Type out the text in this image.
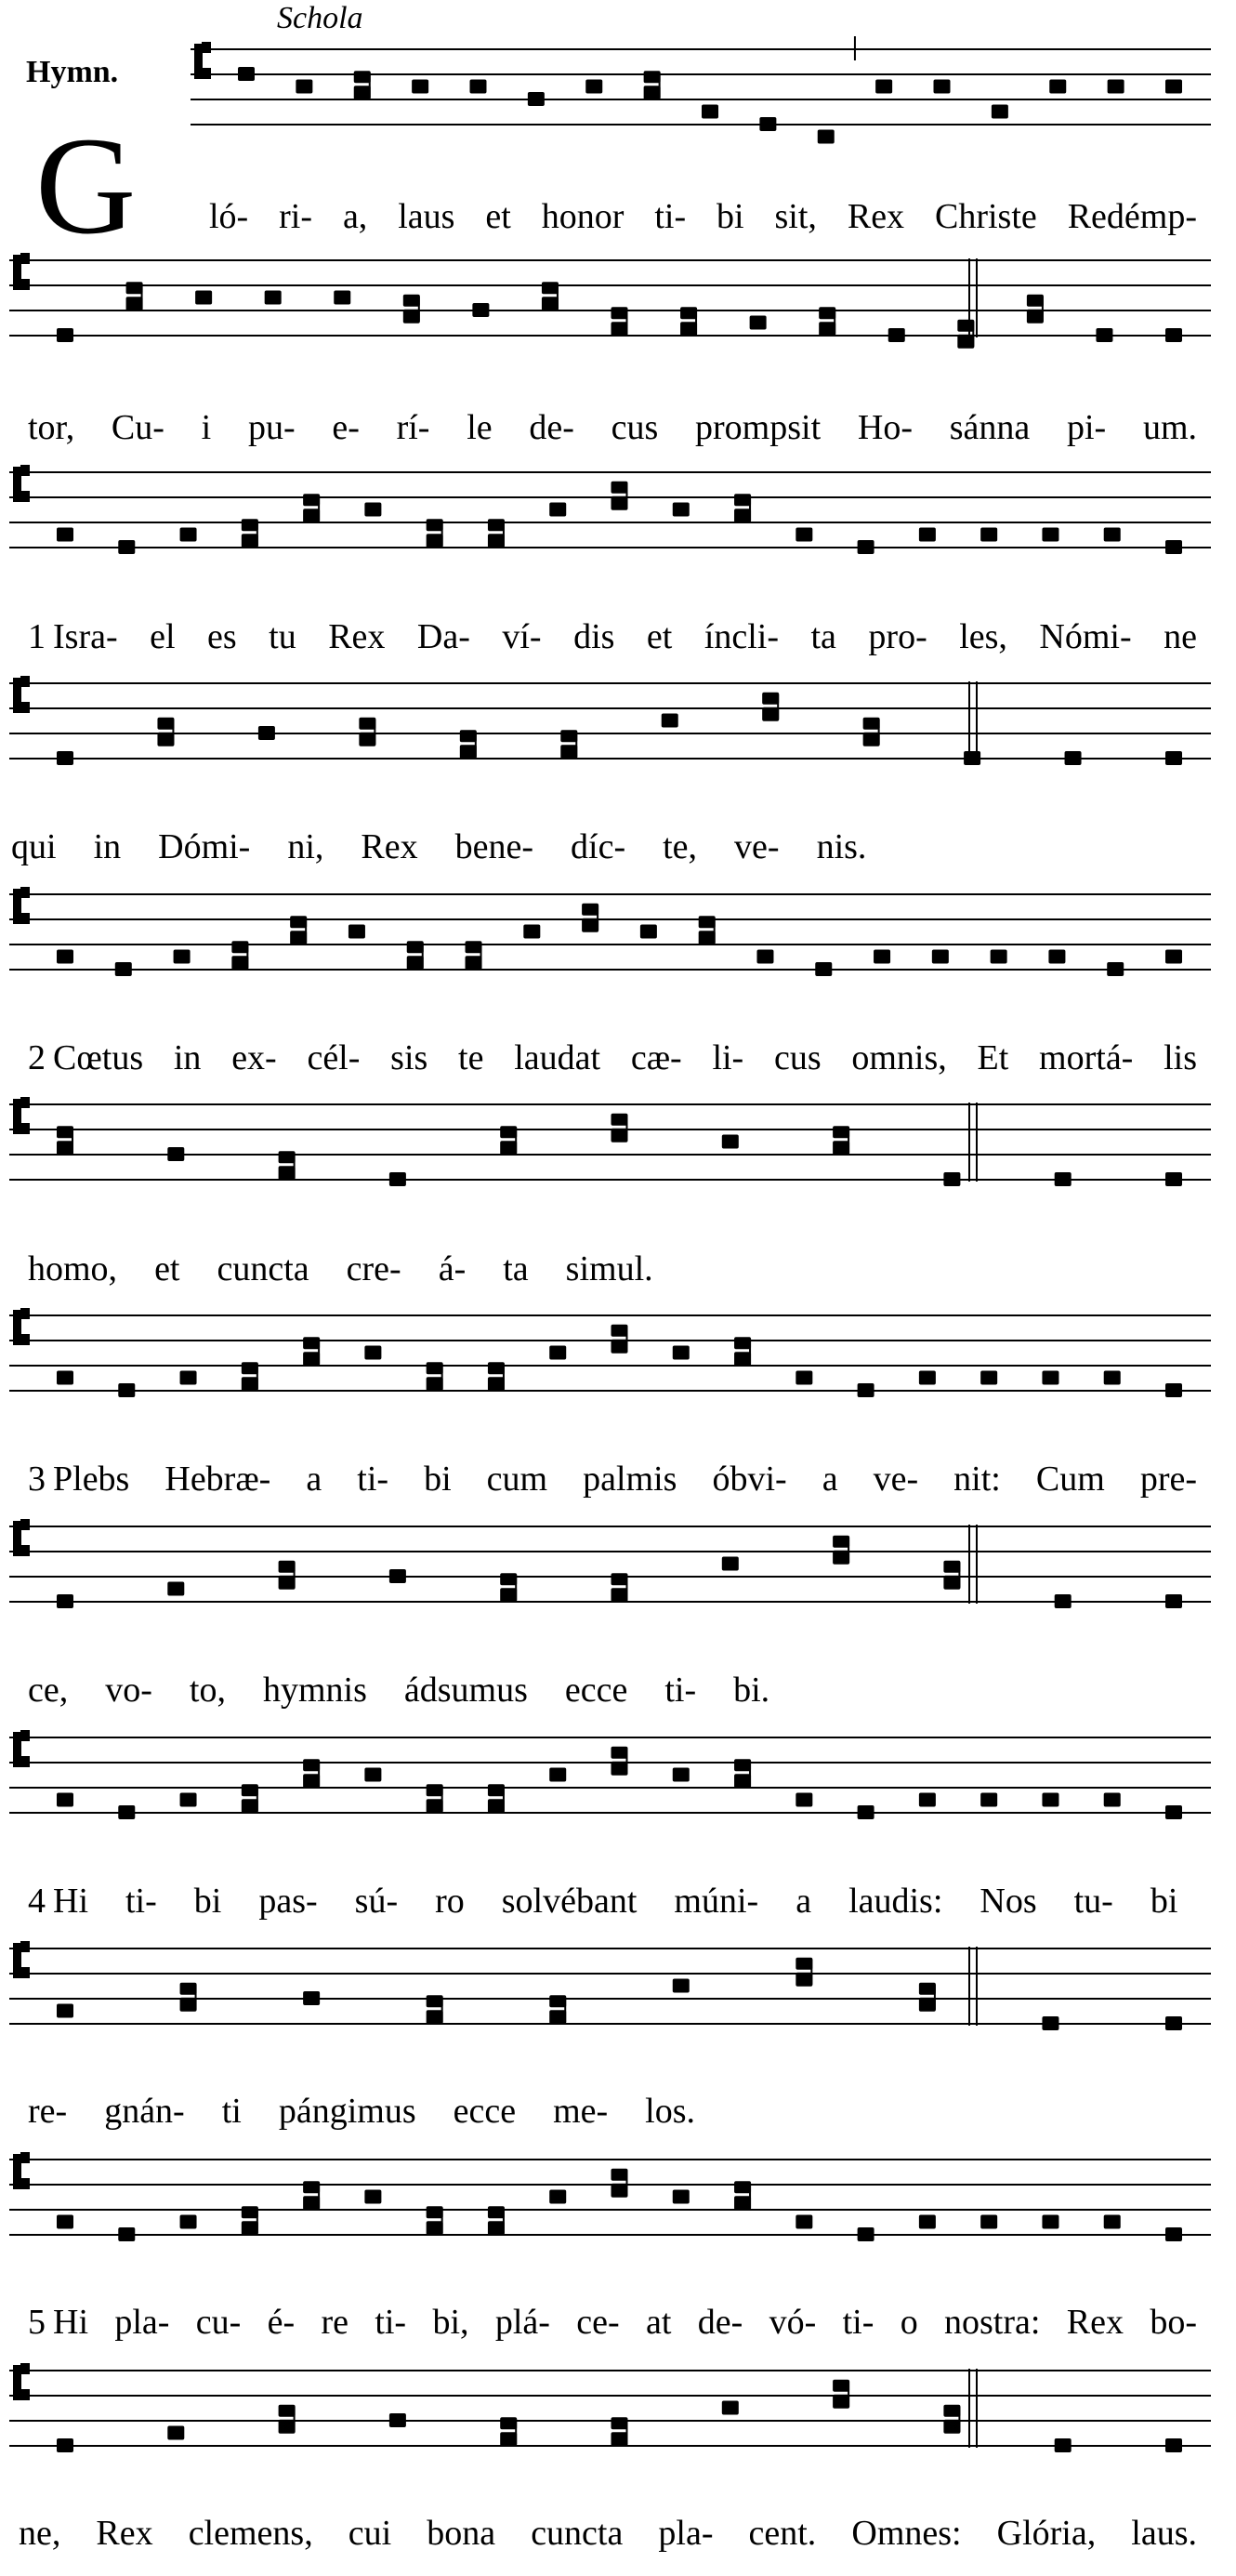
Schola
Hymn.
G ló- ri- a, laus et honor ti- bi sit, Rex Christe Redémp-
tor, Cu- i pu- e- rí- le de- cus prompsit Ho- sánna pi- um.
1 Isra- el es tu Rex Da- ví- dis et íncli- ta pro- les, Nómi- ne
qui in Dómi- ni, Rex bene- díc- te, ve- nis.
2 Cœtus in ex- cél- sis te laudat cæ- li- cus omnis, Et mortá- lis
homo, et cuncta cre- á- ta simul.
3 Plebs Hebræ- a ti- bi cum palmis óbvi- a ve- nit: Cum pre-
ce, vo- to, hymnis ádsumus ecce ti- bi.
4 Hi ti- bi pas- sú- ro solvébant múni- a laudis: Nos tu- bi
re- gnán- ti pángimus ecce me- los.
5 Hi pla- cu- é- re ti- bi, plá- ce- at de- vó- ti- o nostra: Rex bo-
ne, Rex clemens, cui bona cuncta pla- cent. Omnes: Glória, laus.
